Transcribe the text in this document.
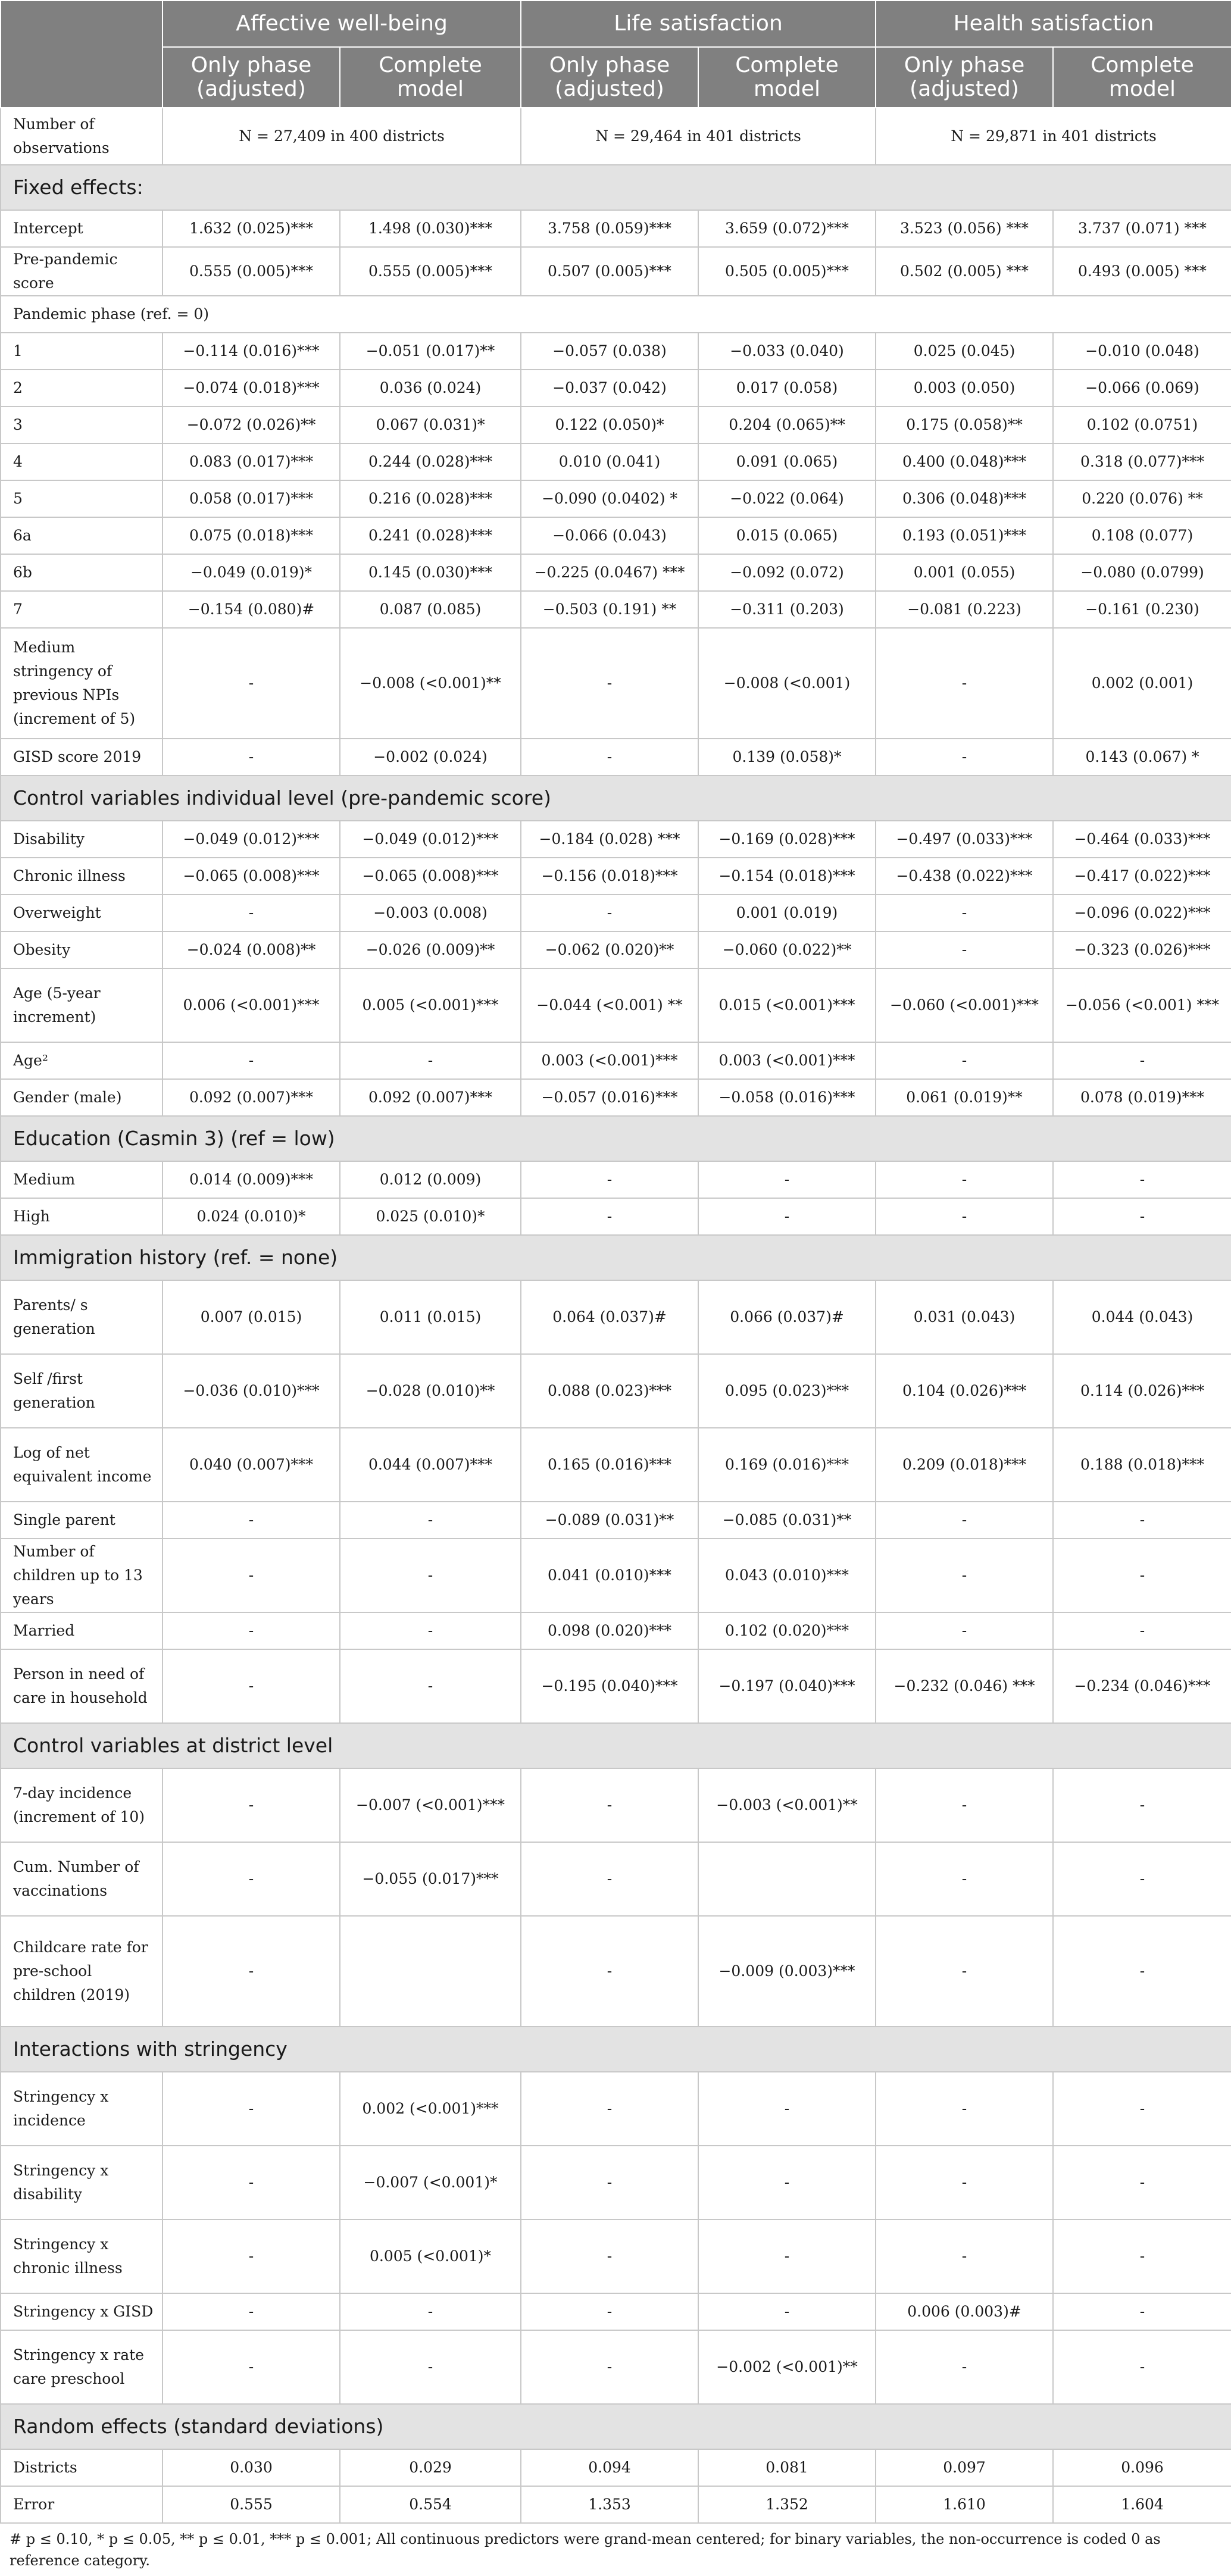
	Affective well-being		Life satisfaction		Health satisfaction	
	Only phase (adjusted)	Complete model	Only phase (adjusted)	Complete model	Only phase (adjusted)	Complete model
Number of observations	N = 27,409 in 400 districts		N = 29,464 in 401 districts		N = 29,871 in 401 districts	
Fixed effects:						
Intercept	1.632 (0.025)***	1.498 (0.030)***	3.758 (0.059)***	3.659 (0.072)***	3.523 (0.056) ***	3.737 (0.071) ***
Pre-pandemic score	0.555 (0.005)***	0.555 (0.005)***	0.507 (0.005)***	0.505 (0.005)***	0.502 (0.005) ***	0.493 (0.005) ***
Pandemic phase (ref. = 0)						
1	−0.114 (0.016)***	−0.051 (0.017)**	−0.057 (0.038)	−0.033 (0.040)	0.025 (0.045)	−0.010 (0.048)
2	−0.074 (0.018)***	0.036 (0.024)	−0.037 (0.042)	0.017 (0.058)	0.003 (0.050)	−0.066 (0.069)
3	−0.072 (0.026)**	0.067 (0.031)*	0.122 (0.050)*	0.204 (0.065)**	0.175 (0.058)**	0.102 (0.0751)
4	0.083 (0.017)***	0.244 (0.028)***	0.010 (0.041)	0.091 (0.065)	0.400 (0.048)***	0.318 (0.077)***
5	0.058 (0.017)***	0.216 (0.028)***	−0.090 (0.0402) *	−0.022 (0.064)	0.306 (0.048)***	0.220 (0.076) **
6a	0.075 (0.018)***	0.241 (0.028)***	−0.066 (0.043)	0.015 (0.065)	0.193 (0.051)***	0.108 (0.077)
6b	−0.049 (0.019)*	0.145 (0.030)***	−0.225 (0.0467) ***	−0.092 (0.072)	0.001 (0.055)	−0.080 (0.0799)
7	−0.154 (0.080)#	0.087 (0.085)	−0.503 (0.191) **	−0.311 (0.203)	−0.081 (0.223)	−0.161 (0.230)
Medium stringency of previous NPIs (increment of 5)	-	−0.008 (<0.001)**	-	−0.008 (<0.001)	-	0.002 (0.001)
GISD score 2019	-	−0.002 (0.024)	-	0.139 (0.058)*	-	0.143 (0.067) *
Control variables individual level (pre-pandemic score)						
Disability	−0.049 (0.012)***	−0.049 (0.012)***	−0.184 (0.028) ***	−0.169 (0.028)***	−0.497 (0.033)***	−0.464 (0.033)***
Chronic illness	−0.065 (0.008)***	−0.065 (0.008)***	−0.156 (0.018)***	−0.154 (0.018)***	−0.438 (0.022)***	−0.417 (0.022)***
Overweight	-	−0.003 (0.008)	-	0.001 (0.019)	-	−0.096 (0.022)***
Obesity	−0.024 (0.008)**	−0.026 (0.009)**	−0.062 (0.020)**	−0.060 (0.022)**	-	−0.323 (0.026)***
Age (5-year increment)	0.006 (<0.001)***	0.005 (<0.001)***	−0.044 (<0.001) **	0.015 (<0.001)***	−0.060 (<0.001)***	−0.056 (<0.001) ***
Age²	-	-	0.003 (<0.001)***	0.003 (<0.001)***	-	-
Gender (male)	0.092 (0.007)***	0.092 (0.007)***	−0.057 (0.016)***	−0.058 (0.016)***	0.061 (0.019)**	0.078 (0.019)***
Education (Casmin 3) (ref = low)						
Medium	0.014 (0.009)***	0.012 (0.009)	-	-	-	-
High	0.024 (0.010)*	0.025 (0.010)*	-	-	-	-
Immigration history (ref. = none)						
Parents/ s generation	0.007 (0.015)	0.011 (0.015)	0.064 (0.037)#	0.066 (0.037)#	0.031 (0.043)	0.044 (0.043)
Self /first generation	−0.036 (0.010)***	−0.028 (0.010)**	0.088 (0.023)***	0.095 (0.023)***	0.104 (0.026)***	0.114 (0.026)***
Log of net equivalent income	0.040 (0.007)***	0.044 (0.007)***	0.165 (0.016)***	0.169 (0.016)***	0.209 (0.018)***	0.188 (0.018)***
Single parent	-	-	−0.089 (0.031)**	−0.085 (0.031)**	-	-
Number of children up to 13 years	-	-	0.041 (0.010)***	0.043 (0.010)***	-	-
Married	-	-	0.098 (0.020)***	0.102 (0.020)***	-	-
Person in need of care in household	-	-	−0.195 (0.040)***	−0.197 (0.040)***	−0.232 (0.046) ***	−0.234 (0.046)***
Control variables at district level						
7-day incidence (increment of 10)	-	−0.007 (<0.001)***	-	−0.003 (<0.001)**	-	-
Cum. Number of vaccinations	-	−0.055 (0.017)***	-		-	-
Childcare rate for pre-school children (2019)	-		-	−0.009 (0.003)***	-	-
Interactions with stringency						
Stringency x incidence	-	0.002 (<0.001)***	-	-	-	-
Stringency x disability	-	−0.007 (<0.001)*	-	-	-	-
Stringency x chronic illness	-	0.005 (<0.001)*	-	-	-	-
Stringency x GISD	-	-	-	-	0.006 (0.003)#	-
Stringency x rate care preschool	-	-	-	−0.002 (<0.001)**	-	-
Random effects (standard deviations)						
Districts	0.030	0.029	0.094	0.081	0.097	0.096
Error	0.555	0.554	1.353	1.352	1.610	1.604
# p ≤ 0.10, * p ≤ 0.05, ** p ≤ 0.01, *** p ≤ 0.001; All continuous predictors were grand-mean centered; for binary variables, the non-occurrence is coded 0 as reference category.
